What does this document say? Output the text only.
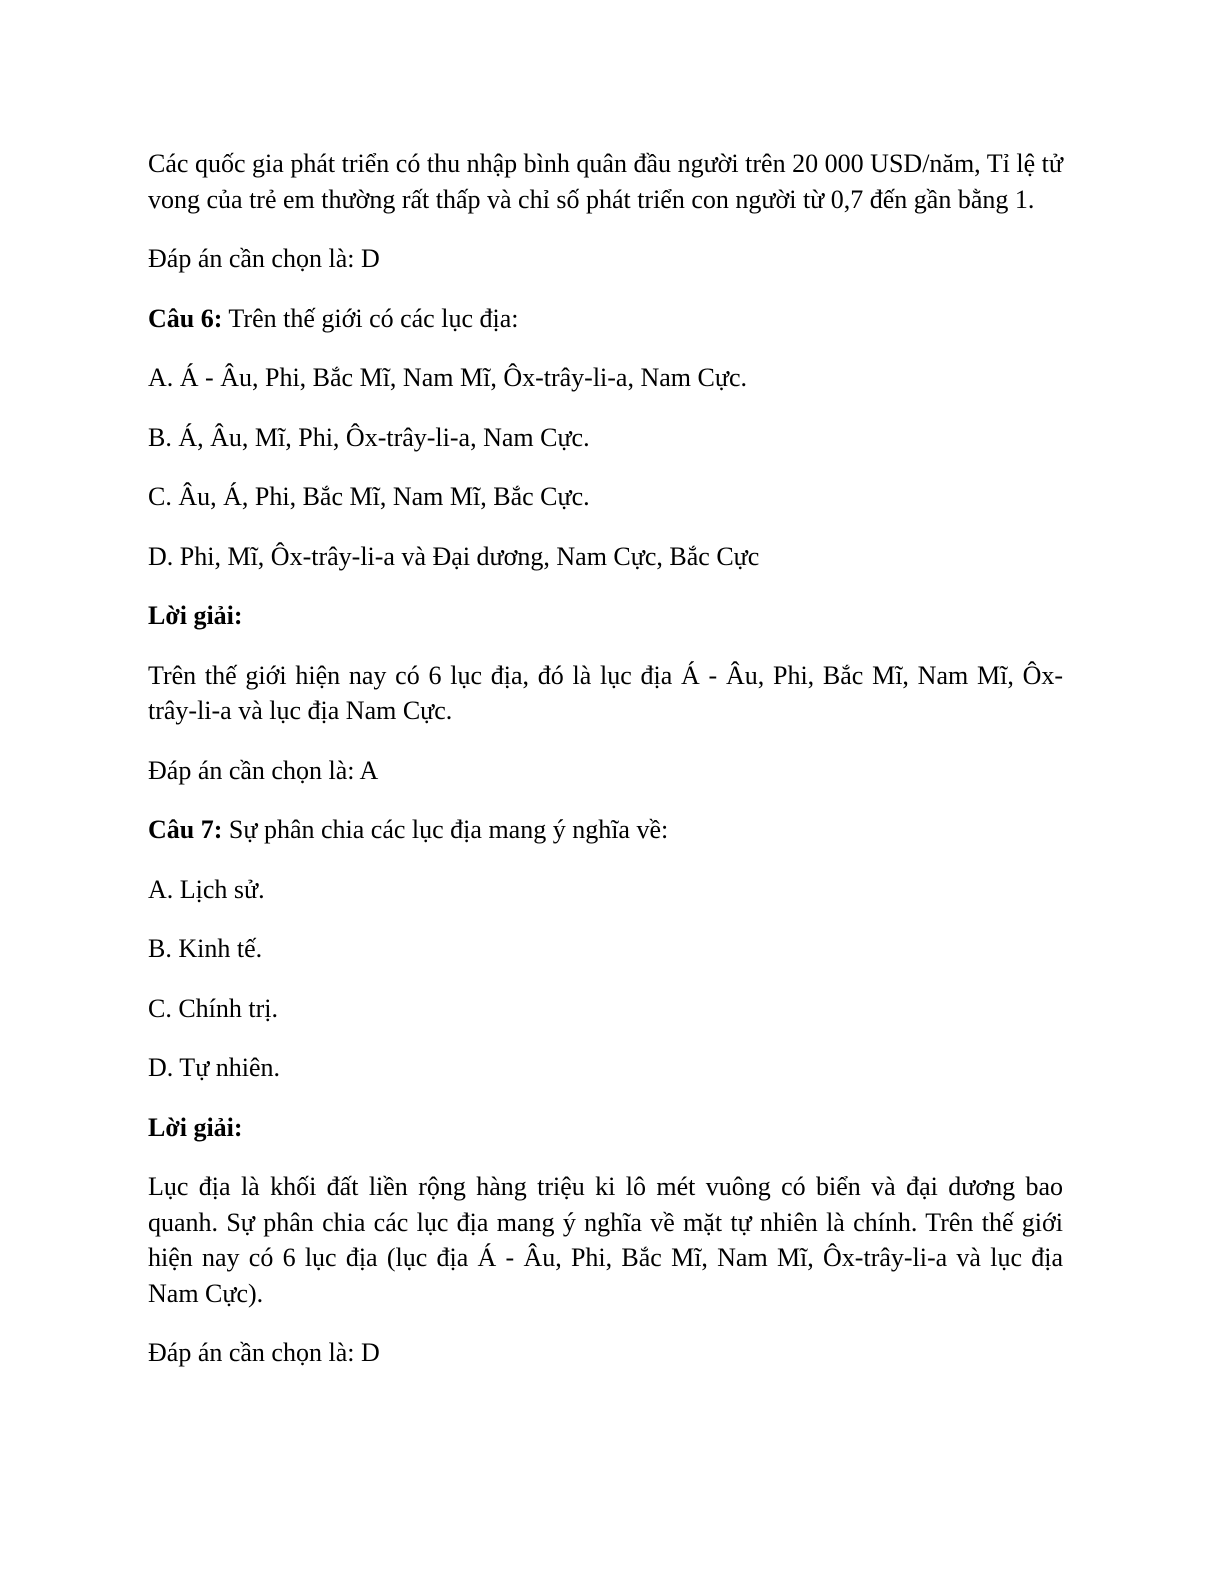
Các quốc gia phát triển có thu nhập bình quân đầu người trên 20 000 USD/năm, Tỉ lệ tử vong của trẻ em thường rất thấp và chỉ số phát triển con người từ 0,7 đến gần bằng 1.

Đáp án cần chọn là: D

Câu 6: Trên thế giới có các lục địa:

A. Á - Âu, Phi, Bắc Mĩ, Nam Mĩ, Ôx-trây-li-a, Nam Cực.

B. Á, Âu, Mĩ, Phi, Ôx-trây-li-a, Nam Cực.

C. Âu, Á, Phi, Bắc Mĩ, Nam Mĩ, Bắc Cực.

D. Phi, Mĩ, Ôx-trây-li-a và Đại dương, Nam Cực, Bắc Cực

Lời giải:

Trên thế giới hiện nay có 6 lục địa, đó là lục địa Á - Âu, Phi, Bắc Mĩ, Nam Mĩ, Ôx-trây-li-a và lục địa Nam Cực.

Đáp án cần chọn là: A

Câu 7: Sự phân chia các lục địa mang ý nghĩa về:

A. Lịch sử.

B. Kinh tế.

C. Chính trị.

D. Tự nhiên.

Lời giải:

Lục địa là khối đất liền rộng hàng triệu ki lô mét vuông có biển và đại dương bao quanh. Sự phân chia các lục địa mang ý nghĩa về mặt tự nhiên là chính. Trên thế giới hiện nay có 6 lục địa (lục địa Á - Âu, Phi, Bắc Mĩ, Nam Mĩ, Ôx-trây-li-a và lục địa Nam Cực).

Đáp án cần chọn là: D
